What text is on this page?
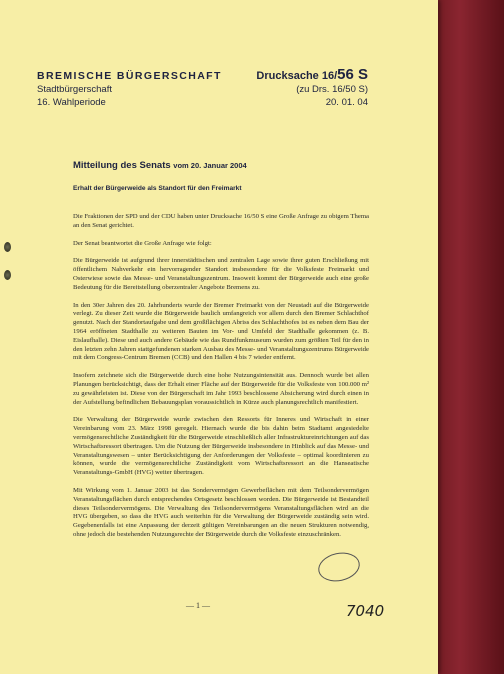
BREMISCHE BÜRGERSCHAFT
Stadtbürgerschaft
16. Wahlperiode
Drucksache 16/56 S
(zu Drs. 16/50 S)
20. 01. 04
Mitteilung des Senats vom 20. Januar 2004
Erhalt der Bürgerweide als Standort für den Freimarkt

Die Fraktionen der SPD und der CDU haben unter Drucksache 16/50 S eine Große Anfrage zu obigem Thema an den Senat gerichtet.

Der Senat beantwortet die Große Anfrage wie folgt:

Die Bürgerweide ist aufgrund ihrer innerstädtischen und zentralen Lage sowie ihrer guten Erschließung mit öffentlichem Nahverkehr ein hervorragender Standort insbesondere für die Volksfeste Freimarkt und Osterwiese sowie das Messe- und Veranstaltungszentrum. Insoweit kommt der Bürgerweide auch eine große Bedeutung für die Bereitstellung oberzentraler Angebote Bremens zu.

In den 30er Jahren des 20. Jahrhunderts wurde der Bremer Freimarkt von der Neustadt auf die Bürgerweide verlegt. Zu dieser Zeit wurde die Bürgerweide baulich umfangreich vor allem durch den Bremer Schlachthof genutzt. Nach der Standortaufgabe und dem großflächigen Abriss des Schlachthofes ist es neben dem Bau der 1964 eröffneten Stadthalle zu weiteren Bauten im Vor- und Umfeld der Stadthalle gekommen (z. B. Eislaufhalle). Diese und auch andere Gebäude wie das Rundfunkmuseum wurden zum größten Teil für den in den letzten zehn Jahren stattgefundenen starken Ausbau des Messe- und Veranstaltungszentrums Bürgerweide mit dem Congress-Centrum Bremen (CCB) und den Hallen 4 bis 7 wieder entfernt.

Insofern zeichnete sich die Bürgerweide durch eine hohe Nutzungsintensität aus. Dennoch wurde bei allen Planungen berücksichtigt, dass der Erhalt einer Fläche auf der Bürgerweide für die Volksfeste von 100.000 m² zu gewährleisten ist. Diese von der Bürgerschaft im Jahr 1993 beschlossene Absicherung wird durch einen in der Aufstellung befindlichen Bebauungsplan voraussichtlich in Kürze auch planungsrechtlich manifestiert.

Die Verwaltung der Bürgerweide wurde zwischen den Ressorts für Inneres und Wirtschaft in einer Vereinbarung vom 23. März 1998 geregelt. Hiernach wurde die bis dahin beim Stadtamt angesiedelte vermögensrechtliche Zuständigkeit für die Bürgerweide einschließlich aller Infrastruktureinrichtungen auf das Wirtschaftsressort übertragen. Um die Nutzung der Bürgerweide insbesondere in Hinblick auf das Messe- und Veranstaltungswesen – unter Berücksichtigung der Anforderungen der Volksfeste – optimal koordinieren zu können, wurde die vermögensrechtliche Zuständigkeit vom Wirtschaftsressort an die Hanseatische Veranstaltungs-GmbH (HVG) weiter übertragen.

Mit Wirkung vom 1. Januar 2003 ist das Sondervermögen Gewerbeflächen mit dem Teilsondervermögen Veranstaltungsflächen durch entsprechendes Ortsgesetz beschlossen worden. Die Bürgerweide ist Bestandteil dieses Teilsondervermögens. Die Verwaltung des Teilsondervermögens Veranstaltungsflächen wird an die HVG übergeben, so dass die HVG auch weiterhin für die Verwaltung der Bürgerweide zuständig sein wird. Gegebenenfalls ist eine Anpassung der derzeit gültigen Vereinbarungen an die neuen Strukturen notwendig, ohne jedoch die bestehenden Nutzungsrechte der Bürgerweide durch die Volksfeste einzuschränken.

— 1 —	7040
